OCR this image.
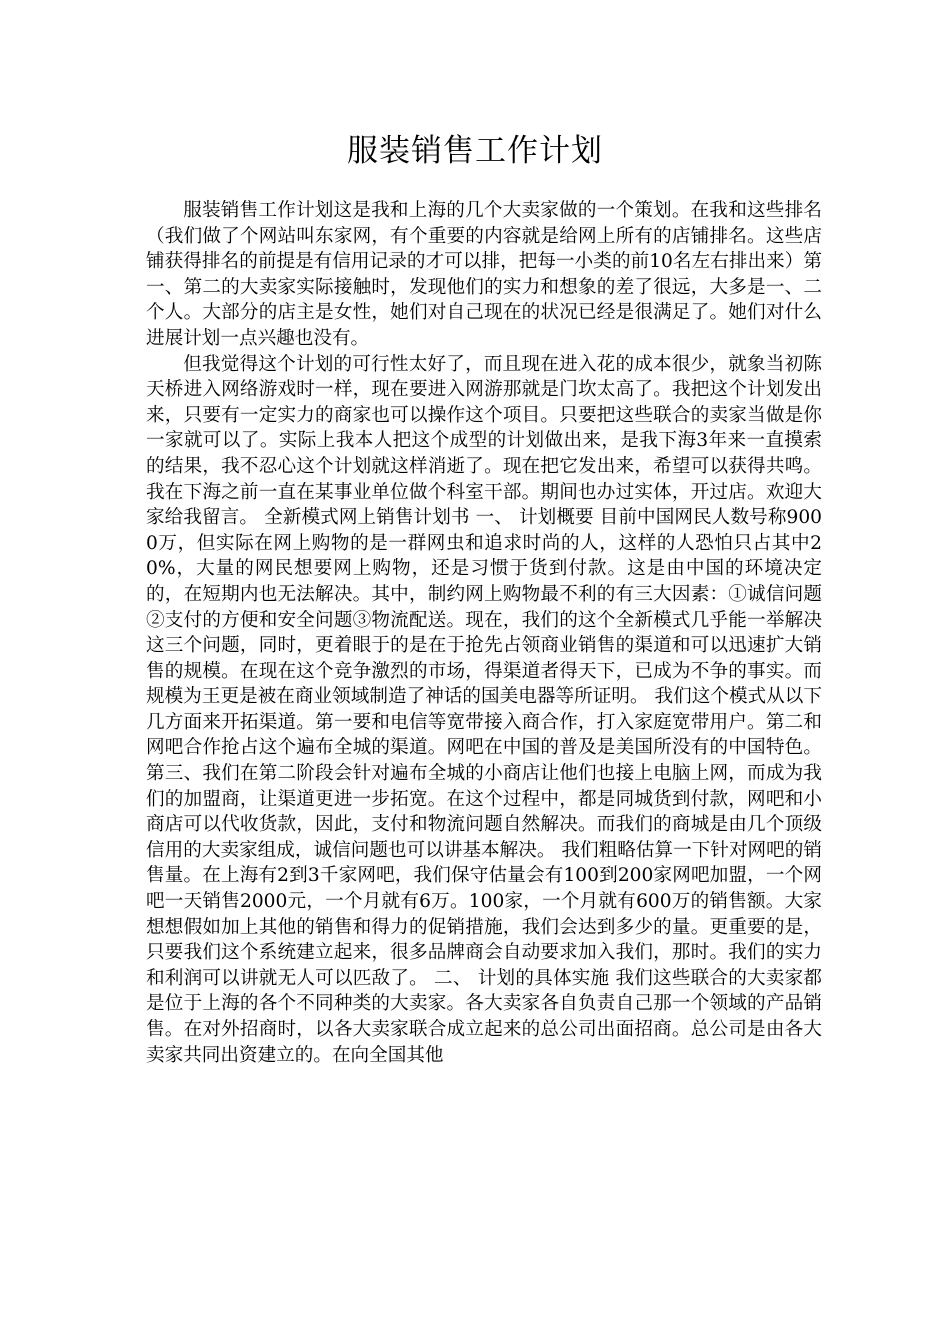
服装销售工作计划

服装销售工作计划这是我和上海的几个大卖家做的一个策划。在我和这些排名（我们做了个网站叫东家网，有个重要的内容就是给网上所有的店铺排名。这些店铺获得排名的前提是有信用记录的才可以排，把每一小类的前10名左右排出来）第一、第二的大卖家实际接触时，发现他们的实力和想象的差了很远，大多是一、二个人。大部分的店主是女性，她们对自己现在的状况已经是很满足了。她们对什么进展计划一点兴趣也没有。

但我觉得这个计划的可行性太好了，而且现在进入花的成本很少，就象当初陈天桥进入网络游戏时一样，现在要进入网游那就是门坎太高了。我把这个计划发出来，只要有一定实力的商家也可以操作这个项目。只要把这些联合的卖家当做是你一家就可以了。实际上我本人把这个成型的计划做出来，是我下海3年来一直摸索的结果，我不忍心这个计划就这样消逝了。现在把它发出来，希望可以获得共鸣。我在下海之前一直在某事业单位做个科室干部。期间也办过实体，开过店。欢迎大家给我留言。 全新模式网上销售计划书 一、 计划概要 目前中国网民人数号称9000万，但实际在网上购物的是一群网虫和追求时尚的人，这样的人恐怕只占其中20%，大量的网民想要网上购物，还是习惯于货到付款。这是由中国的环境决定的，在短期内也无法解决。其中，制约网上购物最不利的有三大因素：①诚信问题②支付的方便和安全问题③物流配送。现在，我们的这个全新模式几乎能一举解决这三个问题，同时，更着眼于的是在于抢先占领商业销售的渠道和可以迅速扩大销售的规模。在现在这个竞争激烈的市场，得渠道者得天下，已成为不争的事实。而规模为王更是被在商业领域制造了神话的国美电器等所证明。 我们这个模式从以下几方面来开拓渠道。第一要和电信等宽带接入商合作，打入家庭宽带用户。第二和网吧合作抢占这个遍布全城的渠道。网吧在中国的普及是美国所没有的中国特色。第三、我们在第二阶段会针对遍布全城的小商店让他们也接上电脑上网，而成为我们的加盟商，让渠道更进一步拓宽。在这个过程中，都是同城货到付款，网吧和小商店可以代收货款，因此，支付和物流问题自然解决。而我们的商城是由几个顶级信用的大卖家组成，诚信问题也可以讲基本解决。 我们粗略估算一下针对网吧的销售量。在上海有2到3千家网吧，我们保守估量会有100到200家网吧加盟，一个网吧一天销售2000元，一个月就有6万。100家，一个月就有600万的销售额。大家想想假如加上其他的销售和得力的促销措施，我们会达到多少的量。更重要的是，只要我们这个系统建立起来，很多品牌商会自动要求加入我们，那时。我们的实力和利润可以讲就无人可以匹敌了。 二、 计划的具体实施 我们这些联合的大卖家都是位于上海的各个不同种类的大卖家。各大卖家各自负责自己那一个领域的产品销售。在对外招商时，以各大卖家联合成立起来的总公司出面招商。总公司是由各大卖家共同出资建立的。在向全国其他
